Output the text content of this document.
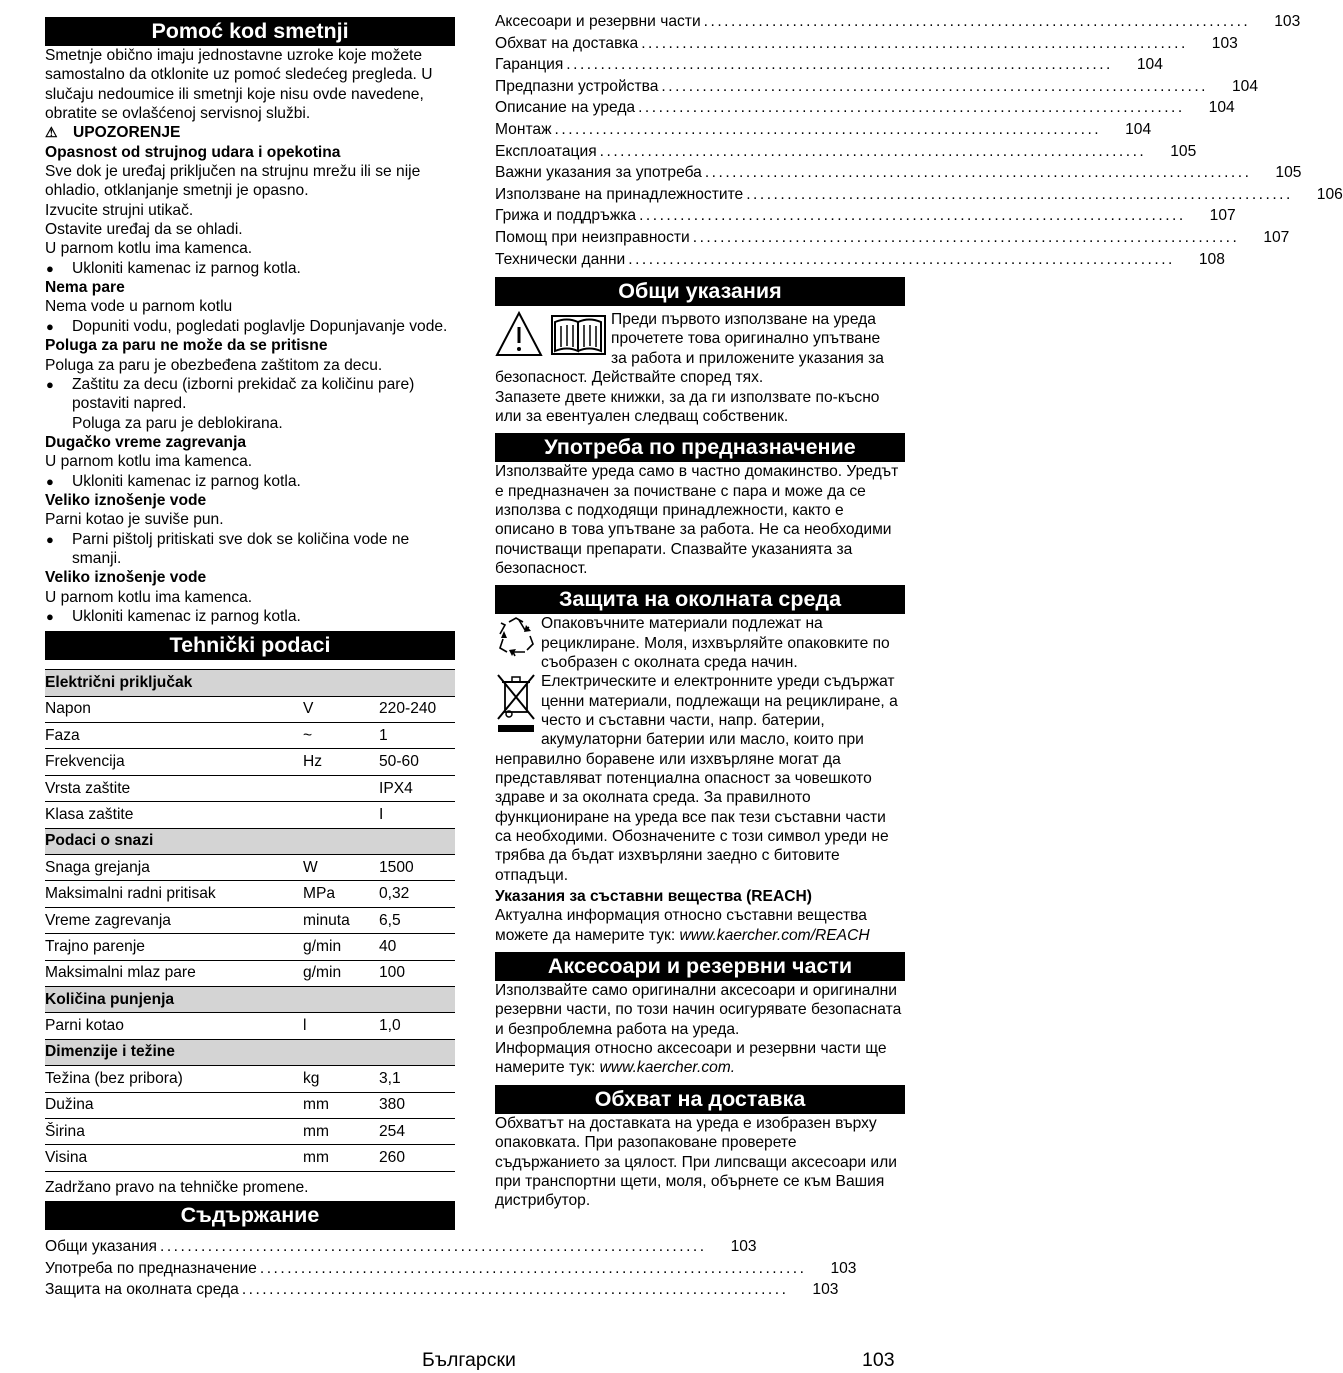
Pomoć kod smetnji

Smetnje obično imaju jednostavne uzroke koje možete samostalno da otklonite uz pomoć sledećeg pregleda. U slučaju nedoumice ili smetnji koje nisu ovde navedene, obratite se ovlašćenoj servisnoj službi.

⚠ UPOZORENJE

Opasnost od strujnog udara i opekotina

Sve dok je uređaj priključen na strujnu mrežu ili se nije ohladio, otklanjanje smetnji je opasno.

Izvucite strujni utikač.

Ostavite uređaj da se ohladi.

U parnom kotlu ima kamenca.

● Ukloniti kamenac iz parnog kotla.

Nema pare

Nema vode u parnom kotlu

● Dopuniti vodu, pogledati poglavlje Dopunjavanje vode.

Poluga za paru ne može da se pritisne

Poluga za paru je obezbeđena zaštitom za decu.

● Zaštitu za decu (izborni prekidač za količinu pare) postaviti napred.

Poluga za paru je deblokirana.

Dugačko vreme zagrevanja

U parnom kotlu ima kamenca.

● Ukloniti kamenac iz parnog kotla.

Veliko iznošenje vode

Parni kotao je suviše pun.

● Parni pištolj pritiskati sve dok se količina vode ne smanji.

Veliko iznošenje vode

U parnom kotlu ima kamenca.

● Ukloniti kamenac iz parnog kotla.

Tehnički podaci
Električni priključak		
Napon	V	220-240
Faza	~	1
Frekvencija	Hz	50-60
Vrsta zaštite		IPX4
Klasa zaštite		I
Podaci o snazi		
Snaga grejanja	W	1500
Maksimalni radni pritisak	MPa	0,32
Vreme zagrevanja	minuta	6,5
Trajno parenje	g/min	40
Maksimalni mlaz pare	g/min	100
Količina punjenja		
Parni kotao	l	1,0
Dimenzije i težine		
Težina (bez pribora)	kg	3,1
Dužina	mm	380
Širina	mm	254
Visina	mm	260

Zadržano pravo na tehničke promene.

Съдържание
Общи указания ................................................................................	103
Употреба по предназначение ................................................................................	103
Защита на околната среда ................................................................................	103
Аксесоари и резервни части ................................................................................	103
Обхват на доставка ................................................................................	103
Гаранция ................................................................................	104
Предпазни устройства ................................................................................	104
Описание на уреда ................................................................................	104
Монтаж ................................................................................	104
Експлоатация ................................................................................	105
Важни указания за употреба ................................................................................	105
Използване на принадлежностите ................................................................................	106
Грижа и поддръжка ................................................................................	107
Помощ при неизправности ................................................................................	107
Технически данни ................................................................................	108
Общи указания

Преди първото използване на уреда

прочетете това оригинално упътване

за работа и приложените указания за

безопасност. Действайте според тях.

Запазете двете книжки, за да ги използвате по-късно или за евентуален следващ собственик.

Употреба по предназначение

Използвайте уреда само в частно домакинство. Уредът е предназначен за почистване с пара и може да се използва с подходящи принадлежности, както е описано в това упътване за работа. Не са необходими почистващи препарати. Спазвайте указанията за безопасност.

Защита на околната среда

Опаковъчните материали подлежат на рециклиране. Моля, изхвърляйте опаковките по съобразен с околната среда начин.

Електрическите и електронните уреди съдържат ценни материали, подлежащи на рециклиране, а често и съставни части, напр. батерии, акумулаторни батерии или масло, които при неправилно боравене или изхвърляне могат да представляват потенциална опасност за човешкото здраве и за околната среда. За правилното функциониране на уреда все пак тези съставни части са необходими. Обозначените с този символ уреди не трябва да бъдат изхвърляни заедно с битовите отпадъци.

Указания за съставни вещества (REACH)

Актуална информация относно съставни вещества можете да намерите тук: www.kaercher.com/REACH

Аксесоари и резервни части

Използвайте само оригинални аксесоари и оригинални резервни части, по този начин осигурявате безопасната и безпроблемна работа на уреда.

Информация относно аксесоари и резервни части ще намерите тук: www.kaercher.com.

Обхват на доставка

Обхватът на доставката на уреда е изобразен върху опаковката. При разопаковане проверете съдържанието за цялост. При липсващи аксесоари или при транспортни щети, моля, обърнете се към Вашия дистрибутор.

Български	103
